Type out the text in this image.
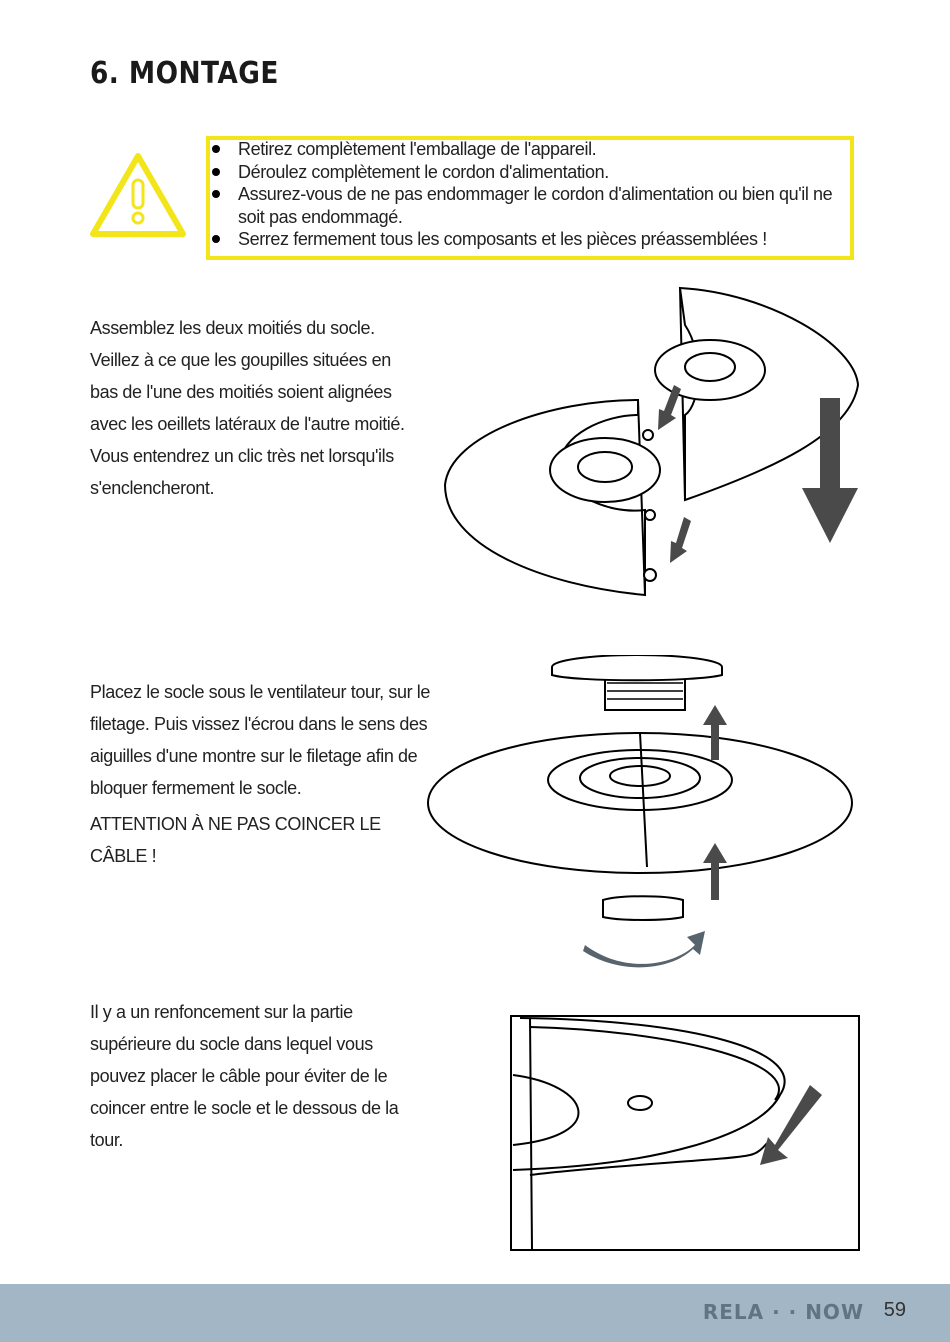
6. MONTAGE
Retirez complètement l'emballage de l'appareil.
Déroulez complètement le cordon d'alimentation.
Assurez-vous de ne pas endommager le cordon d'alimentation ou bien qu'il ne soit pas endommagé.
Serrez fermement tous les composants et les pièces préassemblées !

Assemblez les deux moitiés du socle. Veillez à ce que les goupilles situées en bas de l'une des moitiés soient alignées avec les oeillets latéraux de l'autre moitié. Vous entendrez un clic très net lorsqu'ils s'enclencheront.

Placez le socle sous le ventilateur tour, sur le filetage. Puis vissez l'écrou dans le sens des aiguilles d'une montre sur le filetage afin de bloquer fermement le socle.

ATTENTION À NE PAS COINCER LE CÂBLE !

Il y a un renfoncement sur la partie supérieure du socle dans lequel vous pouvez placer le câble pour éviter de le coincer entre le socle et le dessous de la tour.

RELA · · NOW 59
